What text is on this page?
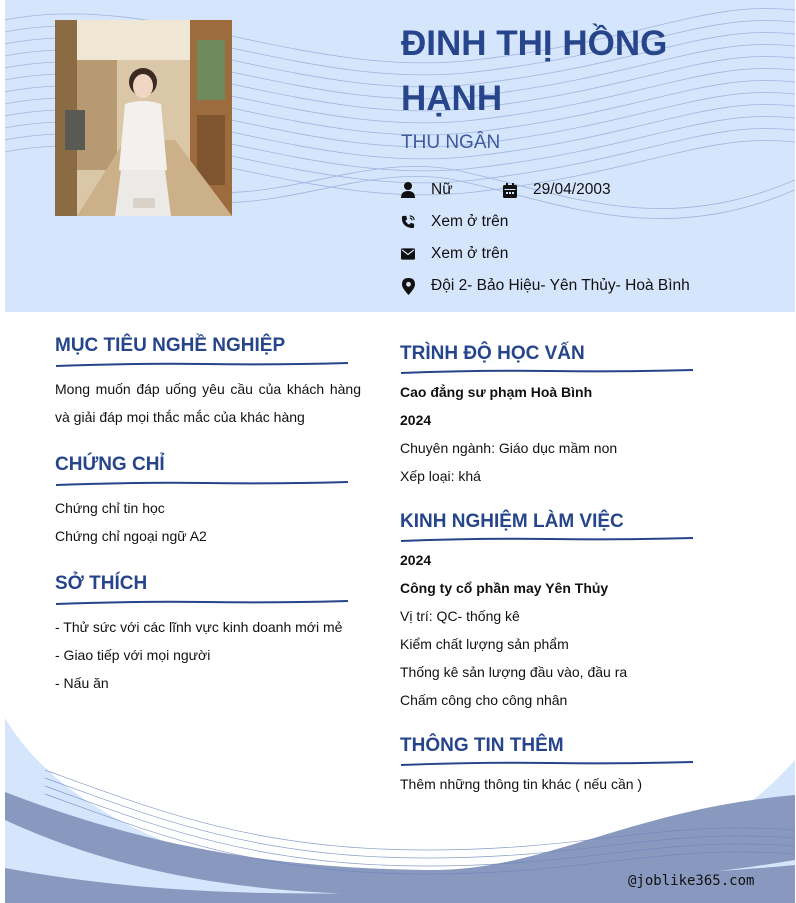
ĐINH THỊ HỒNG HẠNH
THU NGÂN
Nữ	29/04/2003
Xem ở trên
Xem ở trên
Đội 2- Bảo Hiệu- Yên Thủy- Hoà Bình
MỤC TIÊU NGHỀ NGHIỆP
Mong muốn đáp uống yêu cầu của khách hàng và giải đáp mọi thắc mắc của khác hàng
CHỨNG CHỈ
Chứng chỉ tin học
Chứng chỉ ngoại ngữ A2
SỞ THÍCH
- Thử sức với các lĩnh vực kinh doanh mới mẻ
- Giao tiếp với mọi người
- Nấu ăn
TRÌNH ĐỘ HỌC VẤN
Cao đẳng sư phạm Hoà Bình
2024
Chuyên ngành: Giáo dục mầm non
Xếp loại: khá
KINH NGHIỆM LÀM VIỆC
2024
Công ty cổ phần may Yên Thủy
Vị trí: QC- thống kê
Kiểm chất lượng sản phẩm
Thống kê sản lượng đầu vào, đầu ra
Chấm công cho công nhân
THÔNG TIN THÊM
Thêm những thông tin khác ( nếu cần )
@joblike365.com
